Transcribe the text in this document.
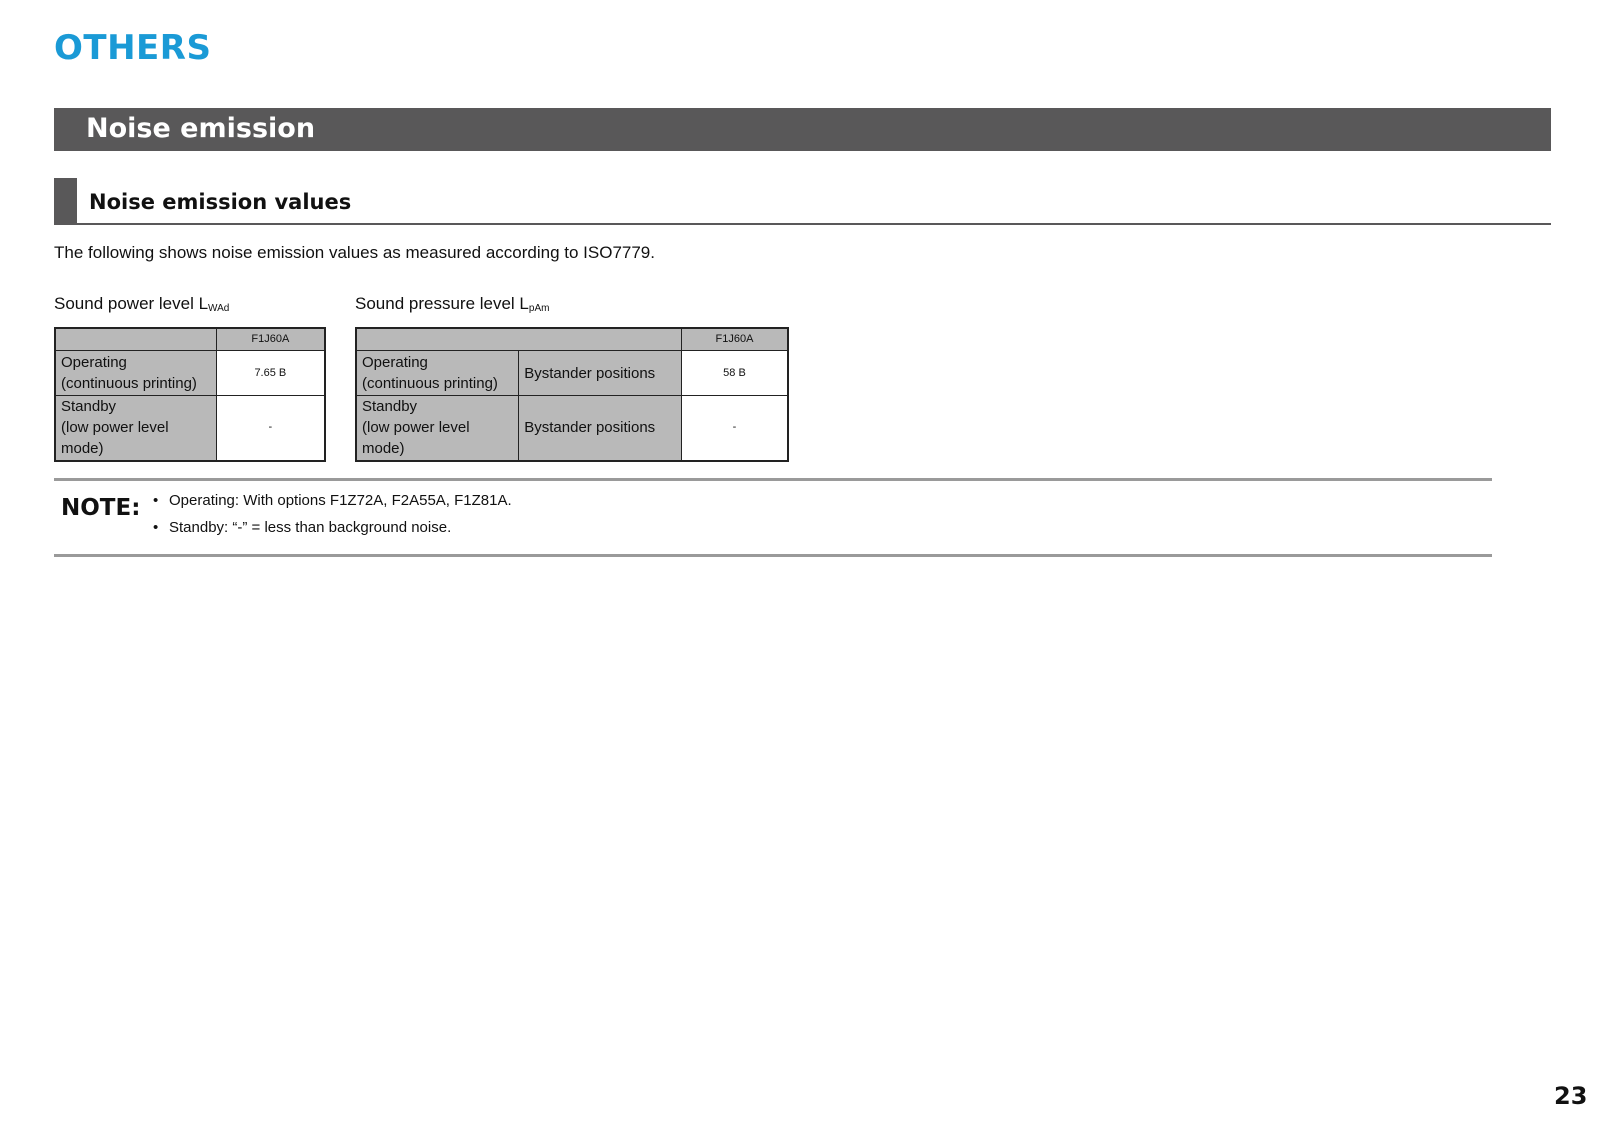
OTHERS
Noise emission
Noise emission values

The following shows noise emission values as measured according to ISO7779.

Sound power level $L_{WAd}$

	F1J60A
Operating
(continuous printing)	7.65 B
Standby
(low power level
mode)	-

Sound pressure level $L_{pAm}$

		F1J60A
Operating
(continuous printing)	Bystander positions	58 B
Standby
(low power level
mode)	Bystander positions	-
NOTE:	• Operating: With options F1Z72A, F2A55A, F1Z81A.
• Standby: “-” = less than background noise.
23
